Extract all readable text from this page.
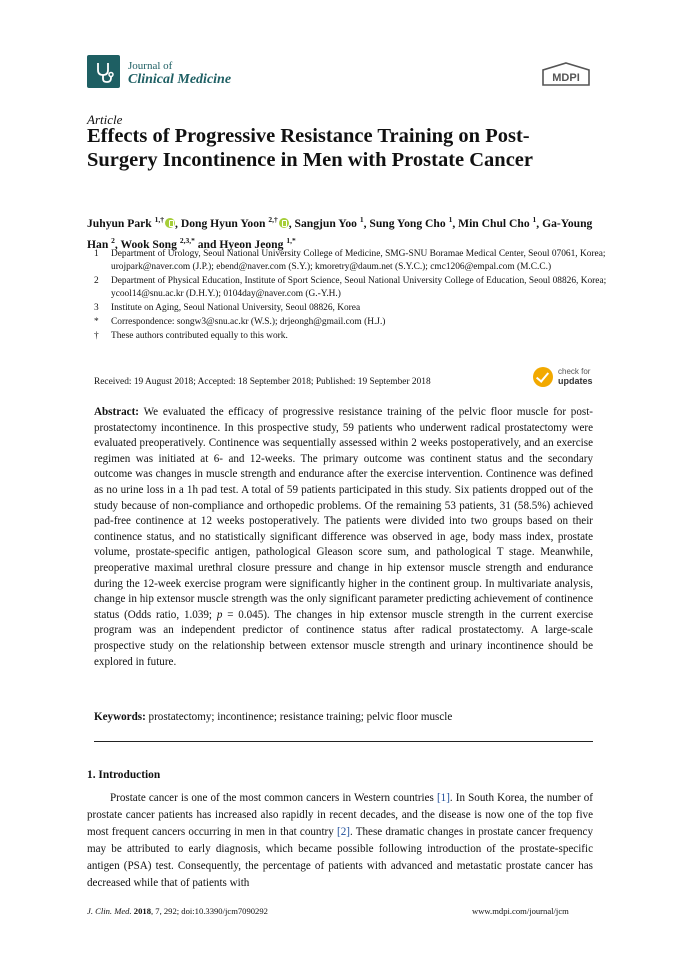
Journal of
Clinical Medicine	MDPI
Article
Effects of Progressive Resistance Training on Post-Surgery Incontinence in Men with Prostate Cancer
Juhyun Park $^{1,\dagger}$ , Dong Hyun Yoon $^{2,\dagger}$ , Sangjun Yoo $^1$, Sung Yong Cho $^1$, Min Chul Cho $^1$, Ga-Young Han $^2$, Wook Song $^{2,3,*}$ and Hyeon Jeong $^{1,*}$
1	Department of Urology, Seoul National University College of Medicine, SMG-SNU Boramae Medical Center, Seoul 07061, Korea; urojpark@naver.com (J.P.); ebend@naver.com (S.Y.); kmoretry@daum.net (S.Y.C.); cmc1206@empal.com (M.C.C.)
2	Department of Physical Education, Institute of Sport Science, Seoul National University College of Education, Seoul 08826, Korea; ycool14@snu.ac.kr (D.H.Y.); 0104day@naver.com (G.-Y.H.)
3	Institute on Aging, Seoul National University, Seoul 08826, Korea
*	Correspondence: songw3@snu.ac.kr (W.S.); drjeongh@gmail.com (H.J.)
†	These authors contributed equally to this work.
Received: 19 August 2018; Accepted: 18 September 2018; Published: 19 September 2018
check for
updates
Abstract: We evaluated the efficacy of progressive resistance training of the pelvic floor muscle for post-prostatectomy incontinence. In this prospective study, 59 patients who underwent radical prostatectomy were evaluated preoperatively. Continence was sequentially assessed within 2 weeks postoperatively, and an exercise regimen was initiated at 6- and 12-weeks. The primary outcome was continent status and the secondary outcome was changes in muscle strength and endurance after the exercise intervention. Continence was defined as no urine loss in a 1h pad test. A total of 59 patients participated in this study. Six patients dropped out of the study because of non-compliance and orthopedic problems. Of the remaining 53 patients, 31 (58.5%) achieved pad-free continence at 12 weeks postoperatively. The patients were divided into two groups based on their continence status, and no statistically significant difference was observed in age, body mass index, prostate volume, prostate-specific antigen, pathological Gleason score sum, and pathological T stage. Meanwhile, preoperative maximal urethral closure pressure and change in hip extensor muscle strength and endurance during the 12-week exercise program were significantly higher in the continent group. In multivariate analysis, change in hip extensor muscle strength was the only significant parameter predicting achievement of continence status (Odds ratio, 1.039; p = 0.045). The changes in hip extensor muscle strength in the current exercise program was an independent predictor of continence status after radical prostatectomy. A large-scale prospective study on the relationship between extensor muscle strength and urinary incontinence should be explored in future.
Keywords: prostatectomy; incontinence; resistance training; pelvic floor muscle
1. Introduction
Prostate cancer is one of the most common cancers in Western countries [1]. In South Korea, the number of prostate cancer patients has increased also rapidly in recent decades, and the disease is now one of the top five most frequent cancers occurring in men in that country [2]. These dramatic changes in prostate cancer frequency may be attributed to early diagnosis, which became possible following introduction of the prostate-specific antigen (PSA) test. Consequently, the percentage of patients with advanced and metastatic prostate cancer has decreased while that of patients with
J. Clin. Med. 2018, 7, 292; doi:10.3390/jcm7090292	www.mdpi.com/journal/jcm
